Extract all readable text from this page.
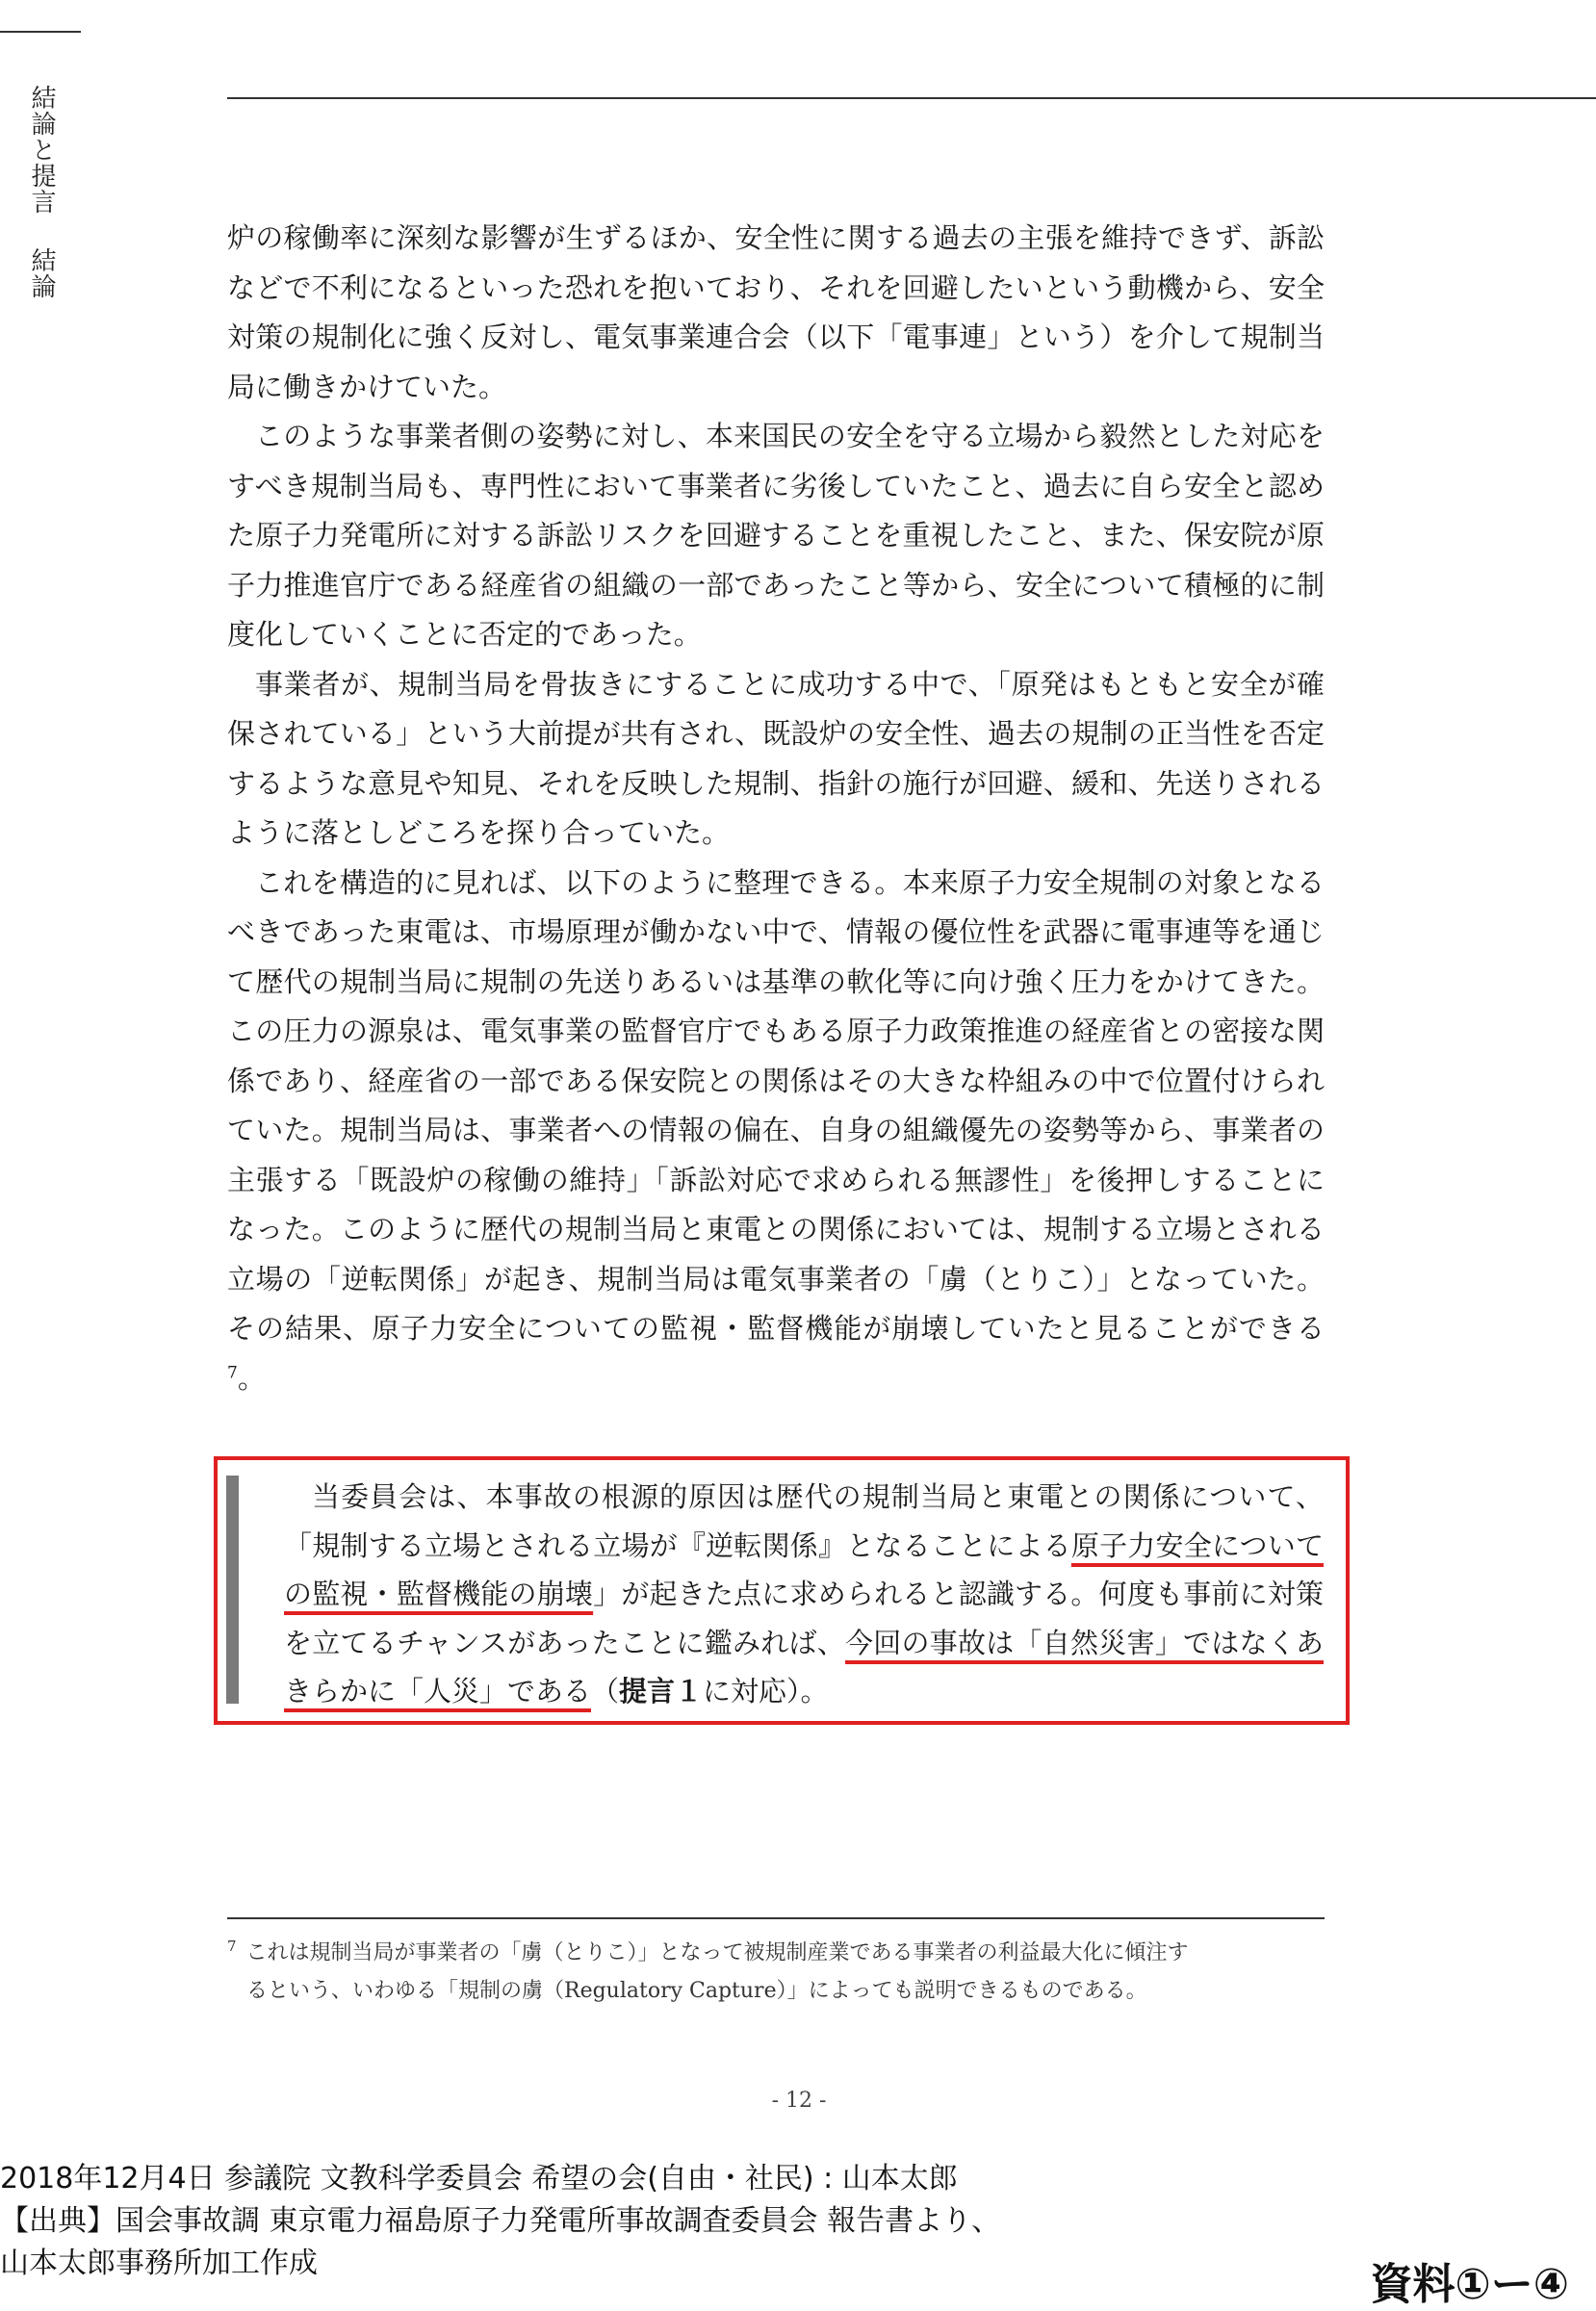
結論と提言結論

炉の稼働率に深刻な影響が生ずるほか、安全性に関する過去の主張を維持できず、訴訟などで不利になるといった恐れを抱いており、それを回避したいという動機から、安全対策の規制化に強く反対し、電気事業連合会（以下「電事連」という）を介して規制当局に働きかけていた。

このような事業者側の姿勢に対し、本来国民の安全を守る立場から毅然とした対応をすべき規制当局も、専門性において事業者に劣後していたこと、過去に自ら安全と認めた原子力発電所に対する訴訟リスクを回避することを重視したこと、また、保安院が原子力推進官庁である経産省の組織の一部であったこと等から、安全について積極的に制度化していくことに否定的であった。

事業者が、規制当局を骨抜きにすることに成功する中で、「原発はもともと安全が確保されている」という大前提が共有され、既設炉の安全性、過去の規制の正当性を否定するような意見や知見、それを反映した規制、指針の施行が回避、緩和、先送りされるように落としどころを探り合っていた。

これを構造的に見れば、以下のように整理できる。本来原子力安全規制の対象となるべきであった東電は、市場原理が働かない中で、情報の優位性を武器に電事連等を通じて歴代の規制当局に規制の先送りあるいは基準の軟化等に向け強く圧力をかけてきた。この圧力の源泉は、電気事業の監督官庁でもある原子力政策推進の経産省との密接な関係であり、経産省の一部である保安院との関係はその大きな枠組みの中で位置付けられていた。規制当局は、事業者への情報の偏在、自身の組織優先の姿勢等から、事業者の主張する「既設炉の稼働の維持」「訴訟対応で求められる無謬性」を後押しすることになった。このように歴代の規制当局と東電との関係においては、規制する立場とされる立場の「逆転関係」が起き、規制当局は電気事業者の「虜（とりこ）」となっていた。その結果、原子力安全についての監視・監督機能が崩壊していたと見ることができる$^7$。

当委員会は、本事故の根源的原因は歴代の規制当局と東電との関係について、「規制する立場とされる立場が『逆転関係』となることによる原子力安全についての監視・監督機能の崩壊」が起きた点に求められると認識する。何度も事前に対策を立てるチャンスがあったことに鑑みれば、今回の事故は「自然災害」ではなくあきらかに「人災」である（提言１に対応）。

$^7$ これは規制当局が事業者の「虜（とりこ）」となって被規制産業である事業者の利益最大化に傾注す
るという、いわゆる「規制の虜（Regulatory Capture）」によっても説明できるものである。
- 12 -
2018年12月4日 参議院 文教科学委員会 希望の会(自由・社民) : 山本太郎
【出典】国会事故調 東京電力福島原子力発電所事故調査委員会 報告書より、
山本太郎事務所加工作成	資料①ー④
